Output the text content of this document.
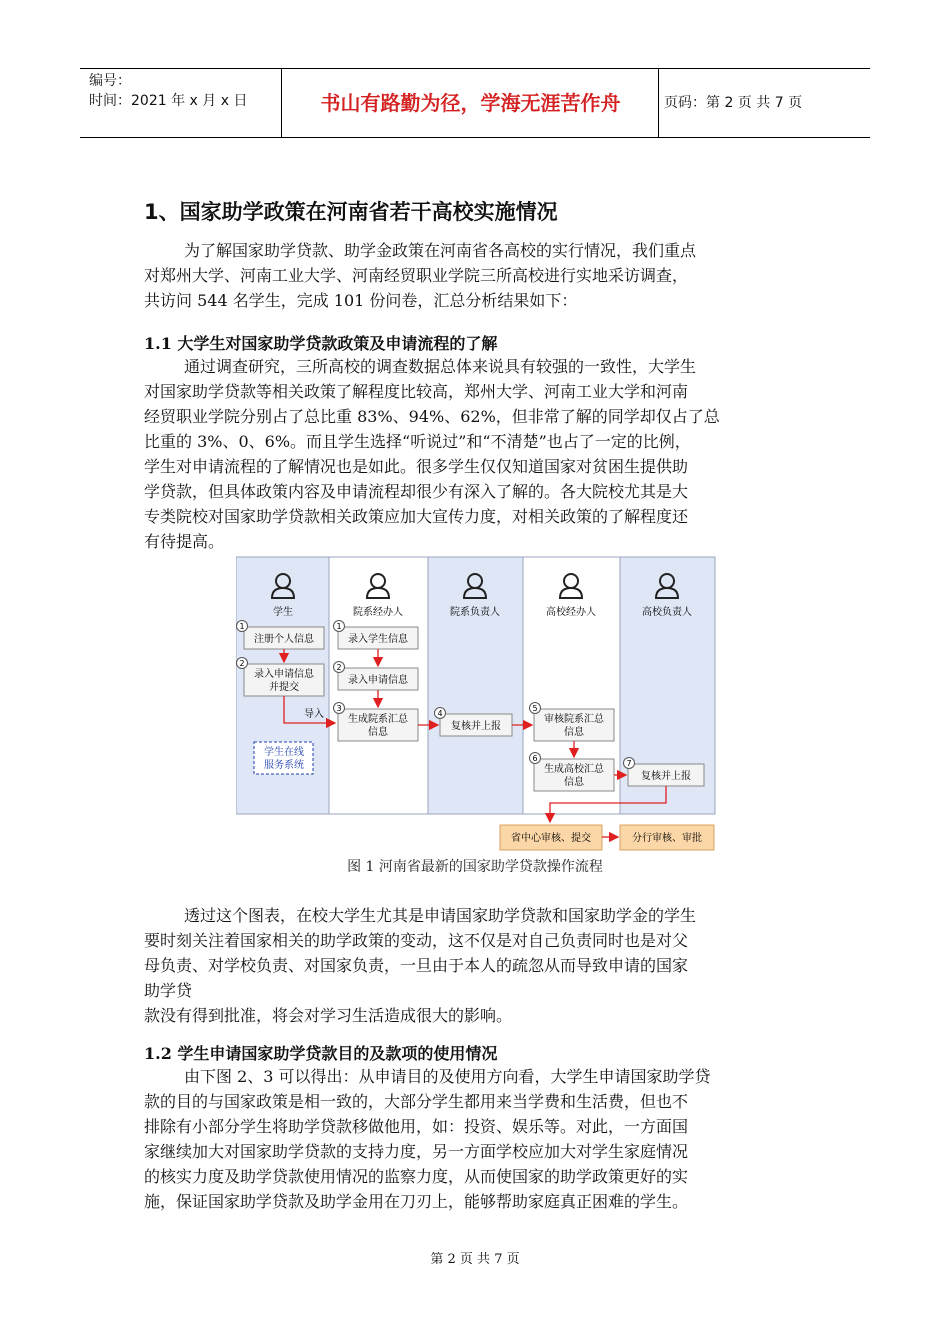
编号：
时间：2021 年 x 月 x 日	书山有路勤为径，学海无涯苦作舟	页码：第 2 页 共 7 页
1、国家助学政策在河南省若干高校实施情况
为了解国家助学贷款、助学金政策在河南省各高校的实行情况，我们重点
对郑州大学、河南工业大学、河南经贸职业学院三所高校进行实地采访调查，
共访问 544 名学生，完成 101 份问卷，汇总分析结果如下：
1.1 大学生对国家助学贷款政策及申请流程的了解
通过调查研究，三所高校的调查数据总体来说具有较强的一致性，大学生
对国家助学贷款等相关政策了解程度比较高，郑州大学、河南工业大学和河南
经贸职业学院分别占了总比重 83%、94%、62%，但非常了解的同学却仅占了总
比重的 3%、0、6%。而且学生选择“听说过”和“不清楚”也占了一定的比例，
学生对申请流程的了解情况也是如此。很多学生仅仅知道国家对贫困生提供助
学贷款，但具体政策内容及申请流程却很少有深入了解的。各大院校尤其是大
专类院校对国家助学贷款相关政策应加大宣传力度，对相关政策的了解程度还
有待提高。
学生	院系经办人	院系负责人	高校经办人	高校负责人
1
注册个人信息
2
录入申请信息
并提交
导入
学生在线
服务系统
1
录入学生信息
2
录入申请信息
3
生成院系汇总
信息
4
复核并上报
5
审核院系汇总
信息
6
生成高校汇总
信息
7
复核并上报
省中心审核、提交	分行审核、审批
图 1 河南省最新的国家助学贷款操作流程
透过这个图表，在校大学生尤其是申请国家助学贷款和国家助学金的学生
要时刻关注着国家相关的助学政策的变动，这不仅是对自己负责同时也是对父
母负责、对学校负责、对国家负责，一旦由于本人的疏忽从而导致申请的国家
助学贷
款没有得到批准，将会对学习生活造成很大的影响。
1.2 学生申请国家助学贷款目的及款项的使用情况
由下图 2、3 可以得出：从申请目的及使用方向看，大学生申请国家助学贷
款的目的与国家政策是相一致的，大部分学生都用来当学费和生活费，但也不
排除有小部分学生将助学贷款移做他用，如：投资、娱乐等。对此，一方面国
家继续加大对国家助学贷款的支持力度，另一方面学校应加大对学生家庭情况
的核实力度及助学贷款使用情况的监察力度，从而使国家的助学政策更好的实
施，保证国家助学贷款及助学金用在刀刃上，能够帮助家庭真正困难的学生。
第 2 页 共 7 页
